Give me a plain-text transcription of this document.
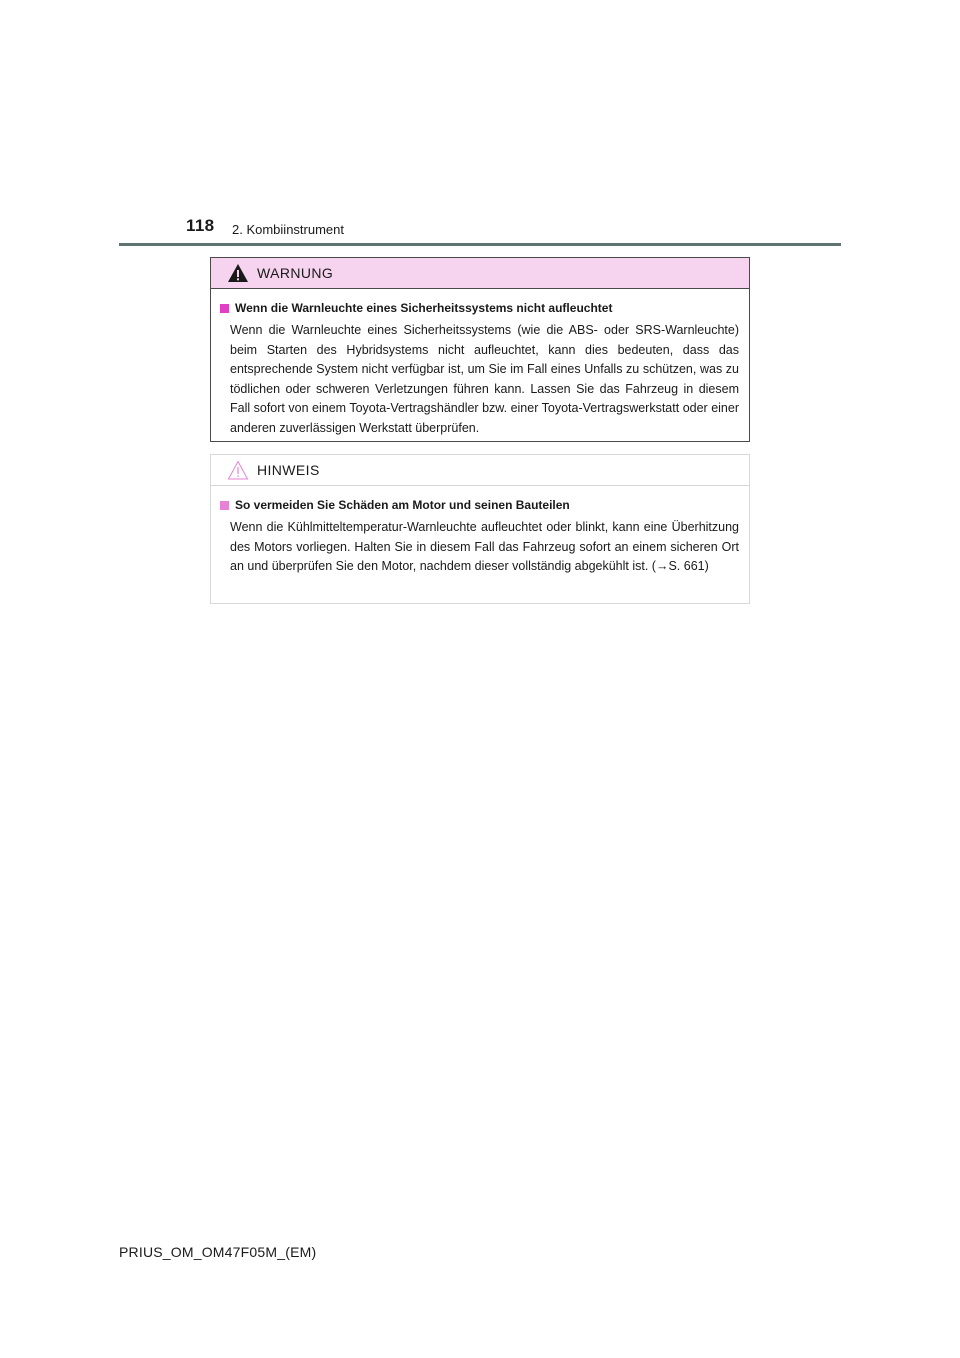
118 2. Kombiinstrument
WARNUNG
Wenn die Warnleuchte eines Sicherheitssystems nicht aufleuchtet

Wenn die Warnleuchte eines Sicherheitssystems (wie die ABS- oder SRS-Warnleuchte) beim Starten des Hybridsystems nicht aufleuchtet, kann dies bedeuten, dass das entsprechende System nicht verfügbar ist, um Sie im Fall eines Unfalls zu schützen, was zu tödlichen oder schweren Verletzungen führen kann. Lassen Sie das Fahrzeug in diesem Fall sofort von einem Toyota-Vertragshändler bzw. einer Toyota-Vertragswerkstatt oder einer anderen zuverlässigen Werkstatt überprüfen.

HINWEIS
So vermeiden Sie Schäden am Motor und seinen Bauteilen

Wenn die Kühlmitteltemperatur-Warnleuchte aufleuchtet oder blinkt, kann eine Überhitzung des Motors vorliegen. Halten Sie in diesem Fall das Fahrzeug sofort an einem sicheren Ort an und überprüfen Sie den Motor, nachdem dieser vollständig abgekühlt ist. (→S. 661)

PRIUS_OM_OM47F05M_(EM)
